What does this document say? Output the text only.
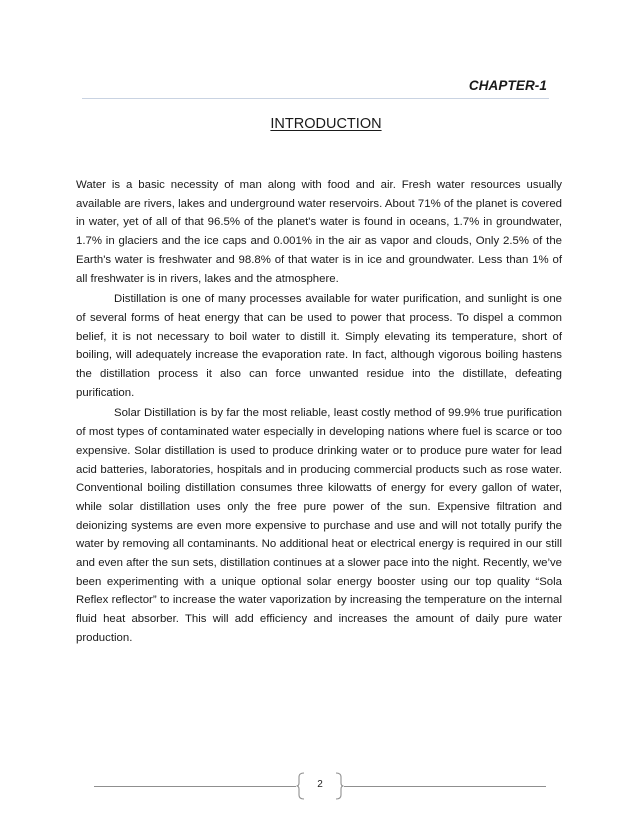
CHAPTER-1
INTRODUCTION

Water is a basic necessity of man along with food and air. Fresh water resources usually available are rivers, lakes and underground water reservoirs. About 71% of the planet is covered in water, yet of all of that 96.5% of the planet's water is found in oceans, 1.7% in groundwater, 1.7% in glaciers and the ice caps and 0.001% in the air as vapor and clouds, Only 2.5% of the Earth's water is freshwater and 98.8% of that water is in ice and groundwater. Less than 1% of all freshwater is in rivers, lakes and the atmosphere.

Distillation is one of many processes available for water purification, and sunlight is one of several forms of heat energy that can be used to power that process. To dispel a common belief, it is not necessary to boil water to distill it. Simply elevating its temperature, short of boiling, will adequately increase the evaporation rate. In fact, although vigorous boiling hastens the distillation process it also can force unwanted residue into the distillate, defeating purification.

Solar Distillation is by far the most reliable, least costly method of 99.9% true purification of most types of contaminated water especially in developing nations where fuel is scarce or too expensive. Solar distillation is used to produce drinking water or to produce pure water for lead acid batteries, laboratories, hospitals and in producing commercial products such as rose water. Conventional boiling distillation consumes three kilowatts of energy for every gallon of water, while solar distillation uses only the free pure power of the sun. Expensive filtration and deionizing systems are even more expensive to purchase and use and will not totally purify the water by removing all contaminants. No additional heat or electrical energy is required in our still and even after the sun sets, distillation continues at a slower pace into the night. Recently, we’ve been experimenting with a unique optional solar energy booster using our top quality “Sola Reflex reflector” to increase the water vaporization by increasing the temperature on the internal fluid heat absorber. This will add efficiency and increases the amount of daily pure water production.

2
